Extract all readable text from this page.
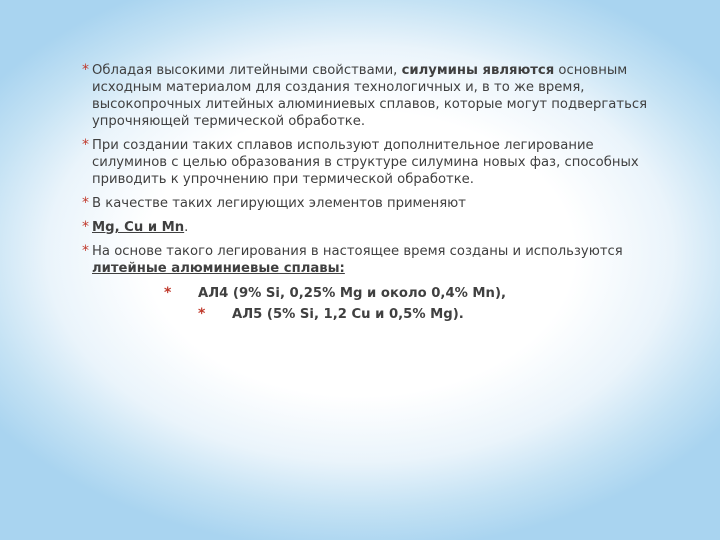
* Обладая высокими литейными свойствами, силумины являются основным исходным материалом для создания технологичных и, в то же время, высокопрочных литейных алюминиевых сплавов, которые могут подвергаться упрочняющей термической обработке.
* При создании таких сплавов используют дополнительное легирование силуминов с целью образования в структуре силумина новых фаз, способных приводить к упрочнению при термической обработке.
* В качестве таких легирующих элементов применяют
* Mg, Cu и Mn.
* На основе такого легирования в настоящее время созданы и используются литейные алюминиевые сплавы:
* АЛ4 (9% Si, 0,25% Mg и около 0,4% Mn),
* АЛ5 (5% Si, 1,2 Cu и 0,5% Mg).
